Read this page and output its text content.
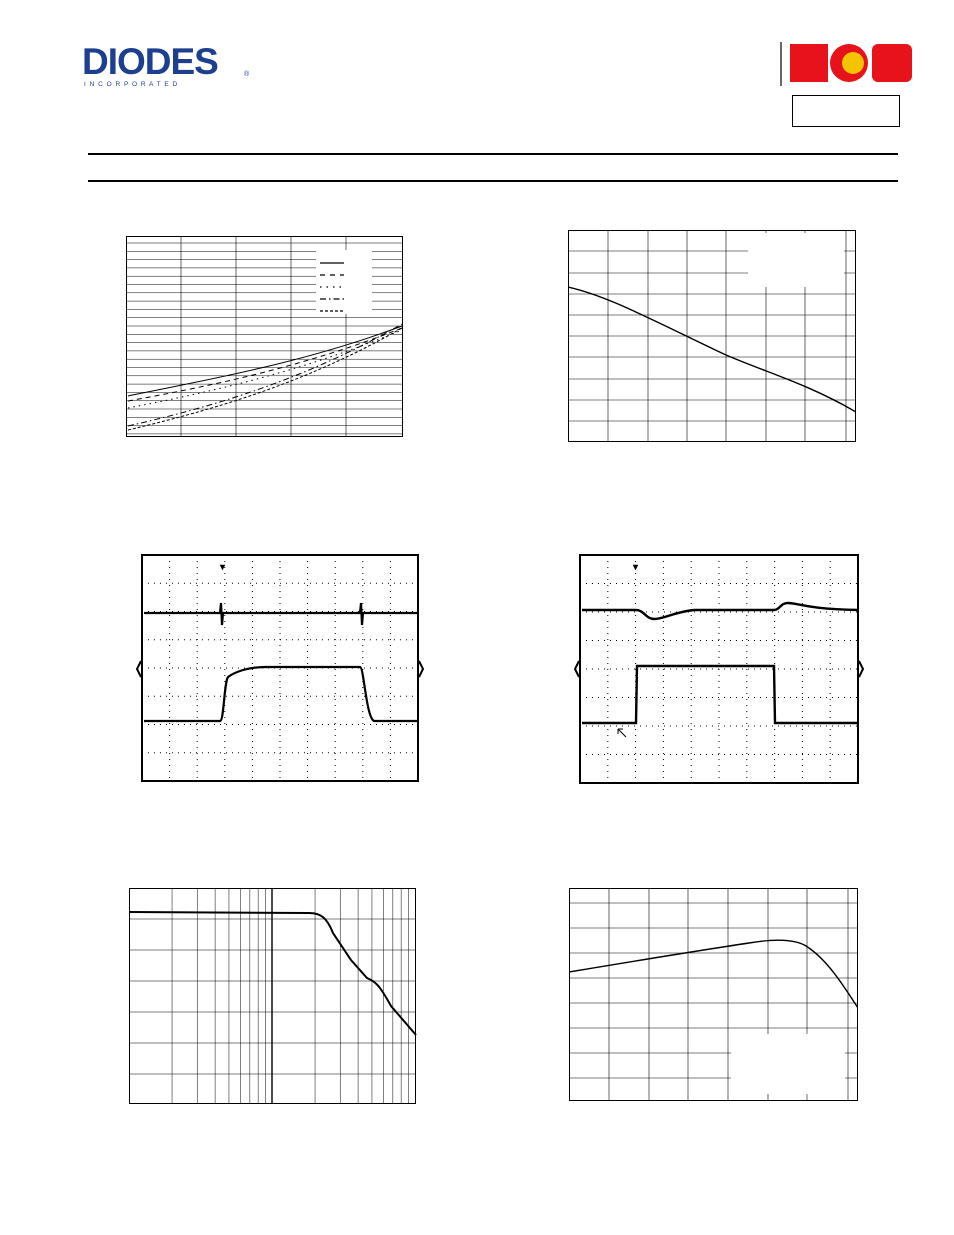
DIODES
I N C O R P O R A T E D
®
BCD
▾	▾
